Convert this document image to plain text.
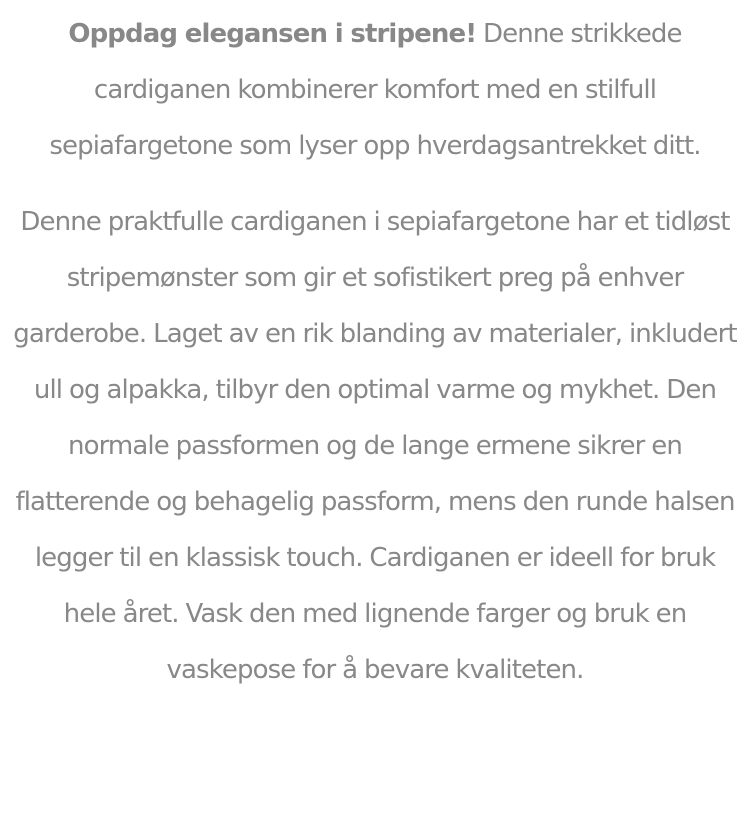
Oppdag elegansen i stripene! Denne strikkede cardiganen kombinerer komfort med en stilfull sepiafargetone som lyser opp hverdagsantrekket ditt.

Denne praktfulle cardiganen i sepiafargetone har et tidløst stripemønster som gir et sofistikert preg på enhver garderobe. Laget av en rik blanding av materialer, inkludert ull og alpakka, tilbyr den optimal varme og mykhet. Den normale passformen og de lange ermene sikrer en flatterende og behagelig passform, mens den runde halsen legger til en klassisk touch. Cardiganen er ideell for bruk hele året. Vask den med lignende farger og bruk en vaskepose for å bevare kvaliteten.
